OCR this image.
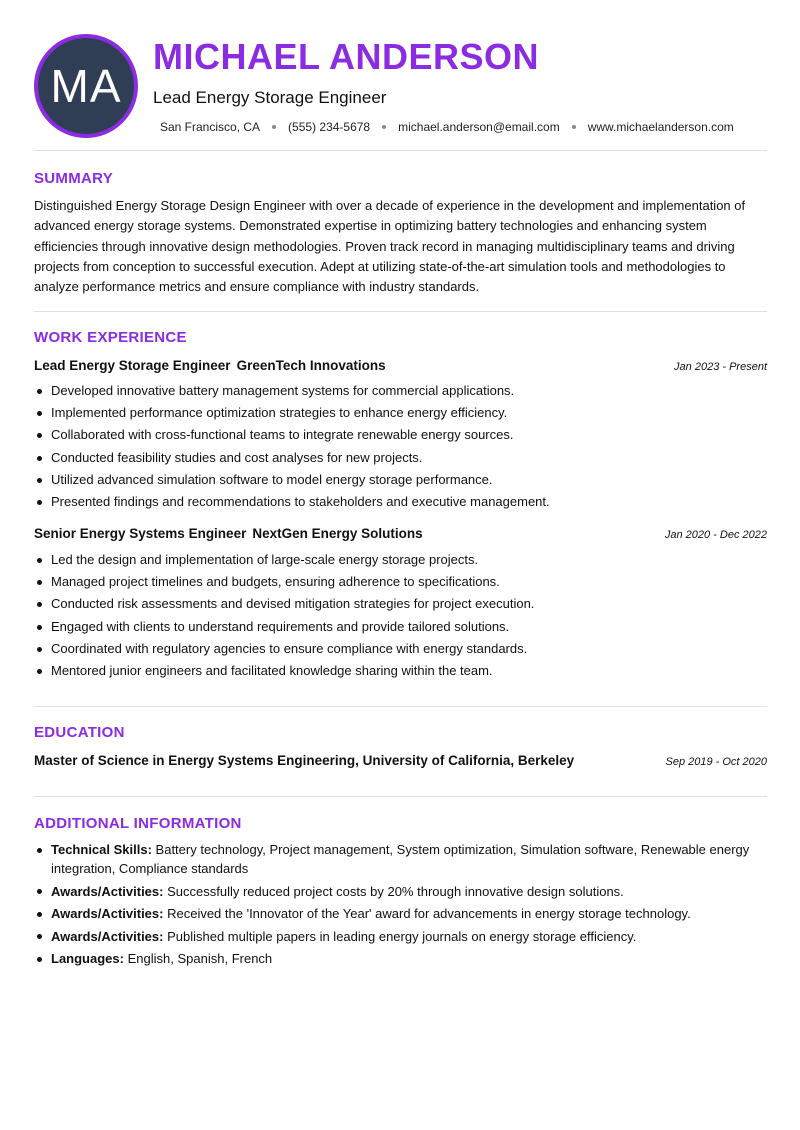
MA
MICHAEL ANDERSON
Lead Energy Storage Engineer
San Francisco, CA (555) 234-5678 michael.anderson@email.com www.michaelanderson.com
SUMMARY
Distinguished Energy Storage Design Engineer with over a decade of experience in the development and implementation of advanced energy storage systems. Demonstrated expertise in optimizing battery technologies and enhancing system efficiencies through innovative design methodologies. Proven track record in managing multidisciplinary teams and driving projects from conception to successful execution. Adept at utilizing state-of-the-art simulation tools and methodologies to analyze performance metrics and ensure compliance with industry standards.
WORK EXPERIENCE
Lead Energy Storage Engineer GreenTech Innovations	Jan 2023 - Present
Developed innovative battery management systems for commercial applications.
Implemented performance optimization strategies to enhance energy efficiency.
Collaborated with cross-functional teams to integrate renewable energy sources.
Conducted feasibility studies and cost analyses for new projects.
Utilized advanced simulation software to model energy storage performance.
Presented findings and recommendations to stakeholders and executive management.
Senior Energy Systems Engineer NextGen Energy Solutions	Jan 2020 - Dec 2022
Led the design and implementation of large-scale energy storage projects.
Managed project timelines and budgets, ensuring adherence to specifications.
Conducted risk assessments and devised mitigation strategies for project execution.
Engaged with clients to understand requirements and provide tailored solutions.
Coordinated with regulatory agencies to ensure compliance with energy standards.
Mentored junior engineers and facilitated knowledge sharing within the team.
EDUCATION
Master of Science in Energy Systems Engineering, University of California, Berkeley	Sep 2019 - Oct 2020
ADDITIONAL INFORMATION
Technical Skills: Battery technology, Project management, System optimization, Simulation software, Renewable energy integration, Compliance standards
Awards/Activities: Successfully reduced project costs by 20% through innovative design solutions.
Awards/Activities: Received the 'Innovator of the Year' award for advancements in energy storage technology.
Awards/Activities: Published multiple papers in leading energy journals on energy storage efficiency.
Languages: English , Spanish , French
